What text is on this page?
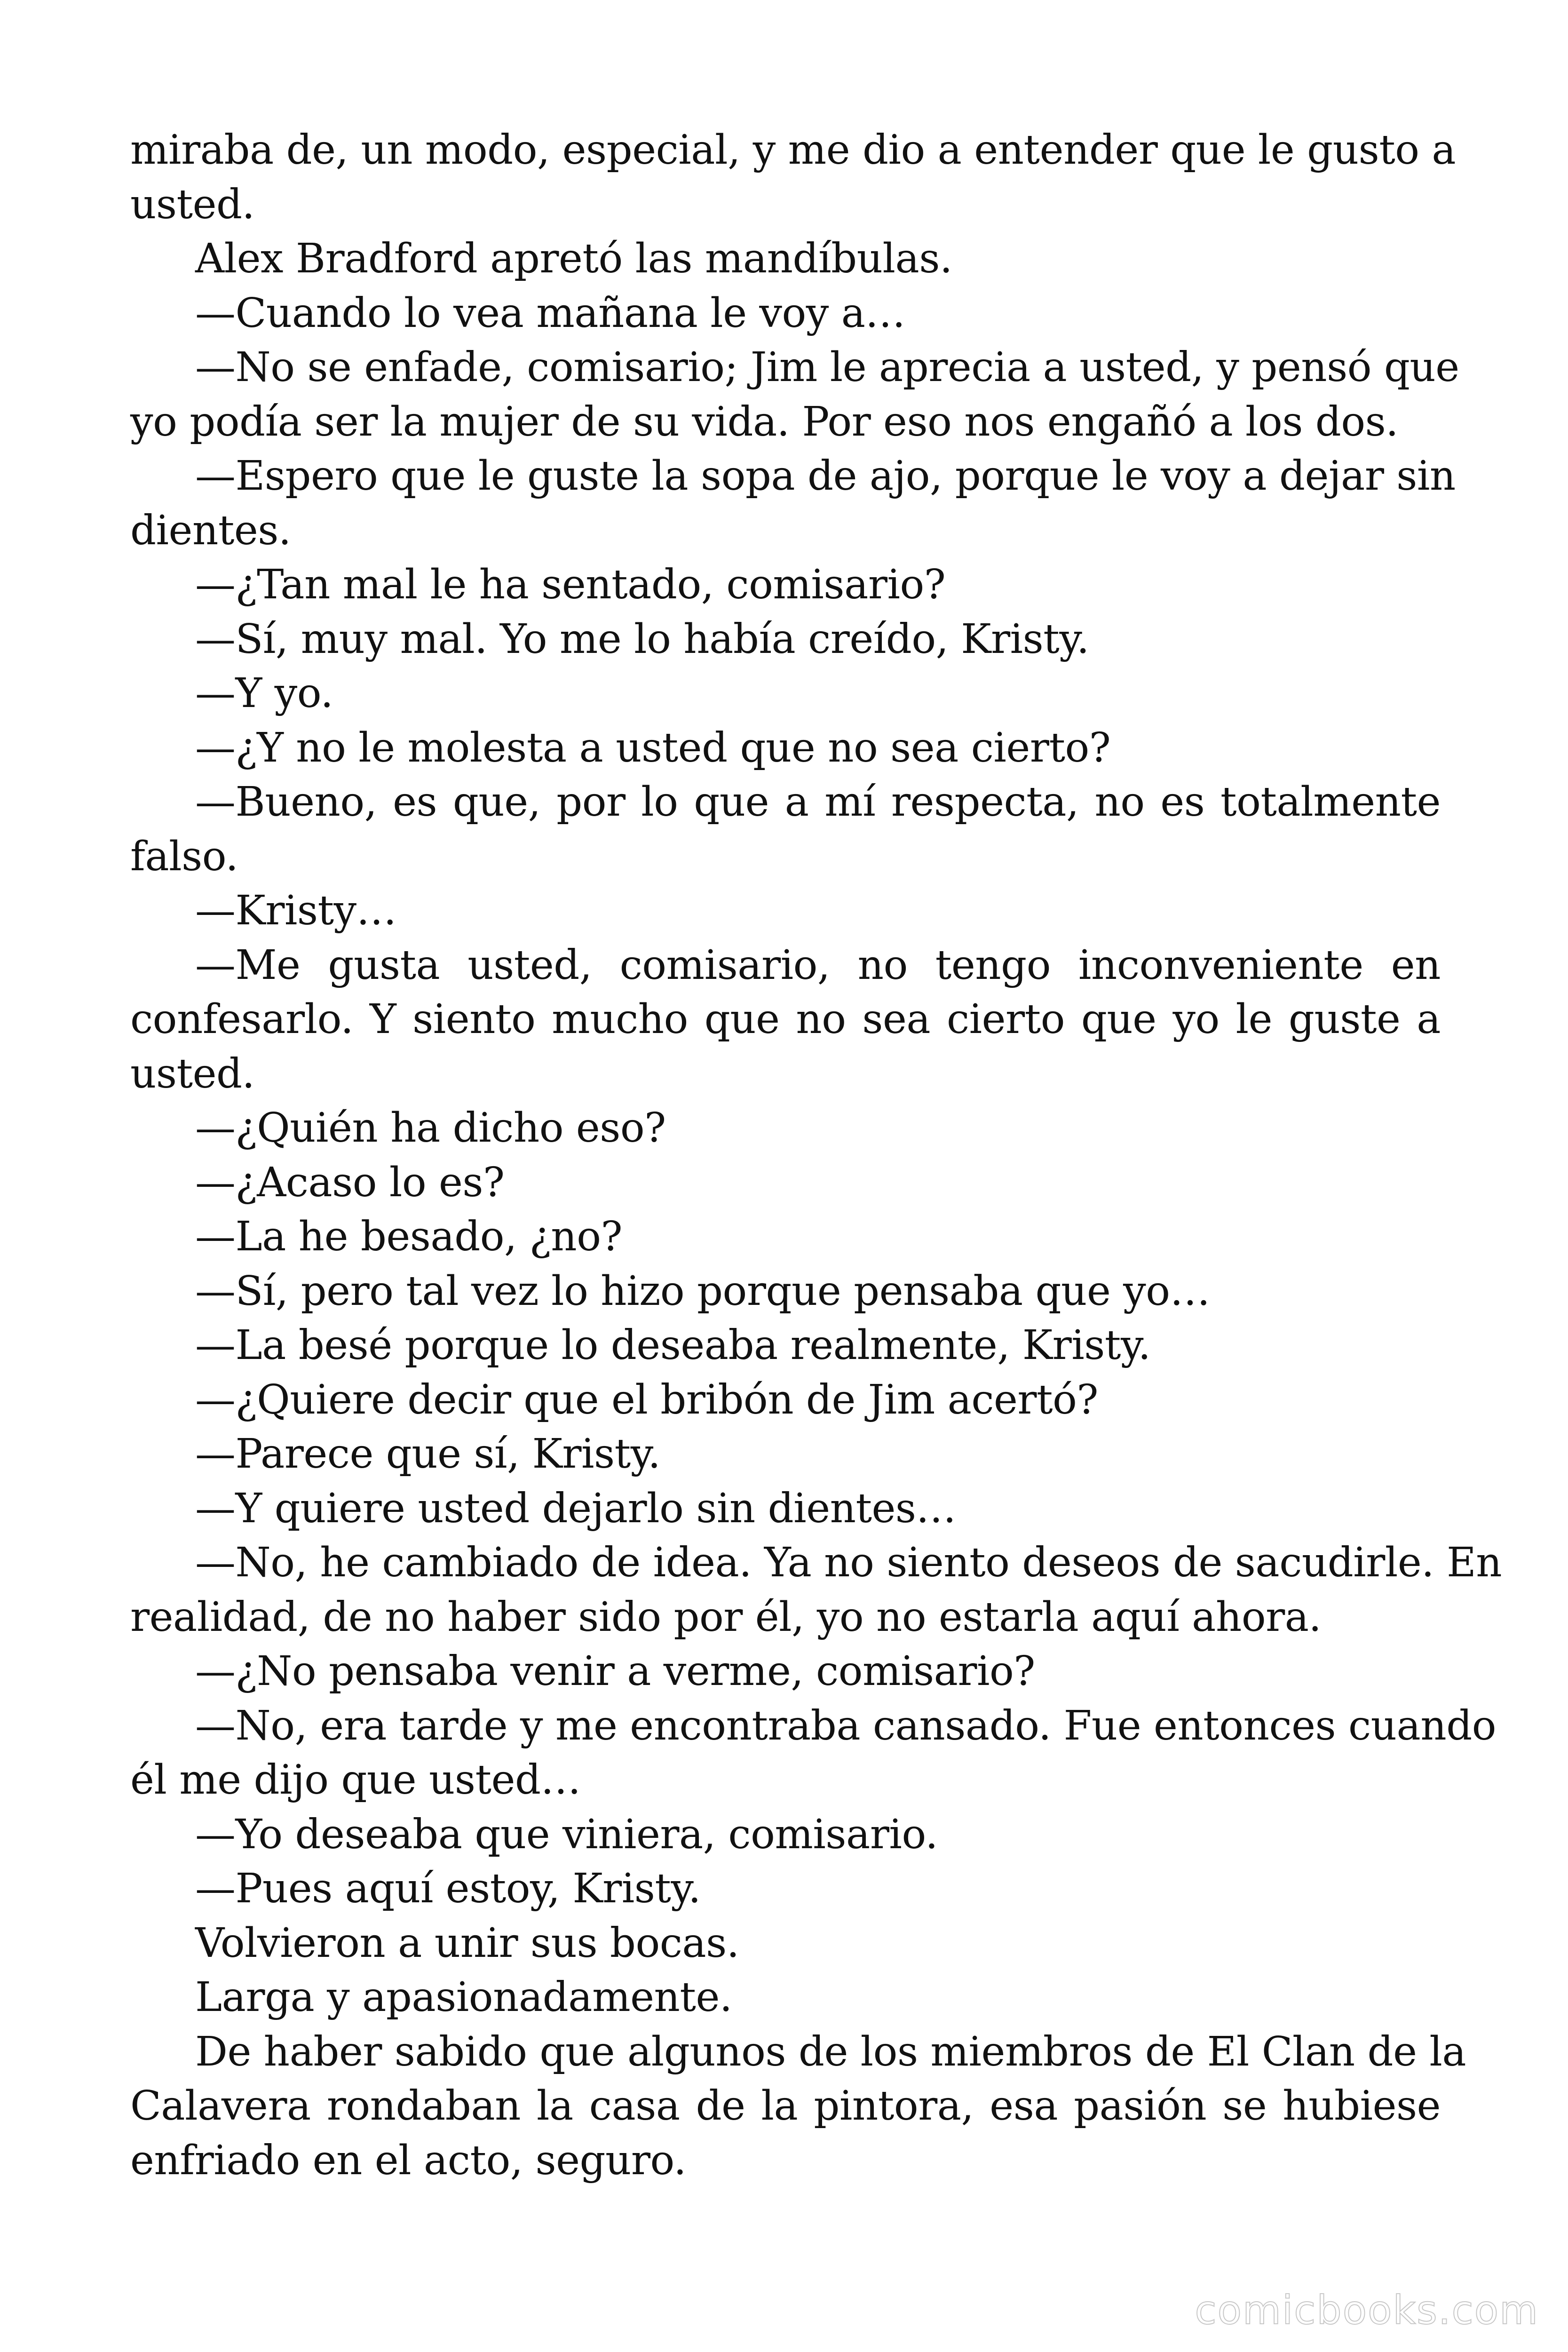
miraba de, un modo, especial, y me dio a entender que le gusto a
usted.
Alex Bradford apretó las mandíbulas.
—Cuando lo vea mañana le voy a…
—No se enfade, comisario; Jim le aprecia a usted, y pensó que
yo podía ser la mujer de su vida. Por eso nos engañó a los dos.
—Espero que le guste la sopa de ajo, porque le voy a dejar sin
dientes.
—¿Tan mal le ha sentado, comisario?
—Sí, muy mal. Yo me lo había creído, Kristy.
—Y yo.
—¿Y no le molesta a usted que no sea cierto?
—Bueno, es que, por lo que a mí respecta, no es totalmente
falso.
—Kristy…
—Me gusta usted, comisario, no tengo inconveniente en
confesarlo. Y siento mucho que no sea cierto que yo le guste a
usted.
—¿Quién ha dicho eso?
—¿Acaso lo es?
—La he besado, ¿no?
—Sí, pero tal vez lo hizo porque pensaba que yo…
—La besé porque lo deseaba realmente, Kristy.
—¿Quiere decir que el bribón de Jim acertó?
—Parece que sí, Kristy.
—Y quiere usted dejarlo sin dientes…
—No, he cambiado de idea. Ya no siento deseos de sacudirle. En
realidad, de no haber sido por él, yo no estarla aquí ahora.
—¿No pensaba venir a verme, comisario?
—No, era tarde y me encontraba cansado. Fue entonces cuando
él me dijo que usted…
—Yo deseaba que viniera, comisario.
—Pues aquí estoy, Kristy.
Volvieron a unir sus bocas.
Larga y apasionadamente.
De haber sabido que algunos de los miembros de El Clan de la
Calavera rondaban la casa de la pintora, esa pasión se hubiese
enfriado en el acto, seguro.
comicbooks.com
